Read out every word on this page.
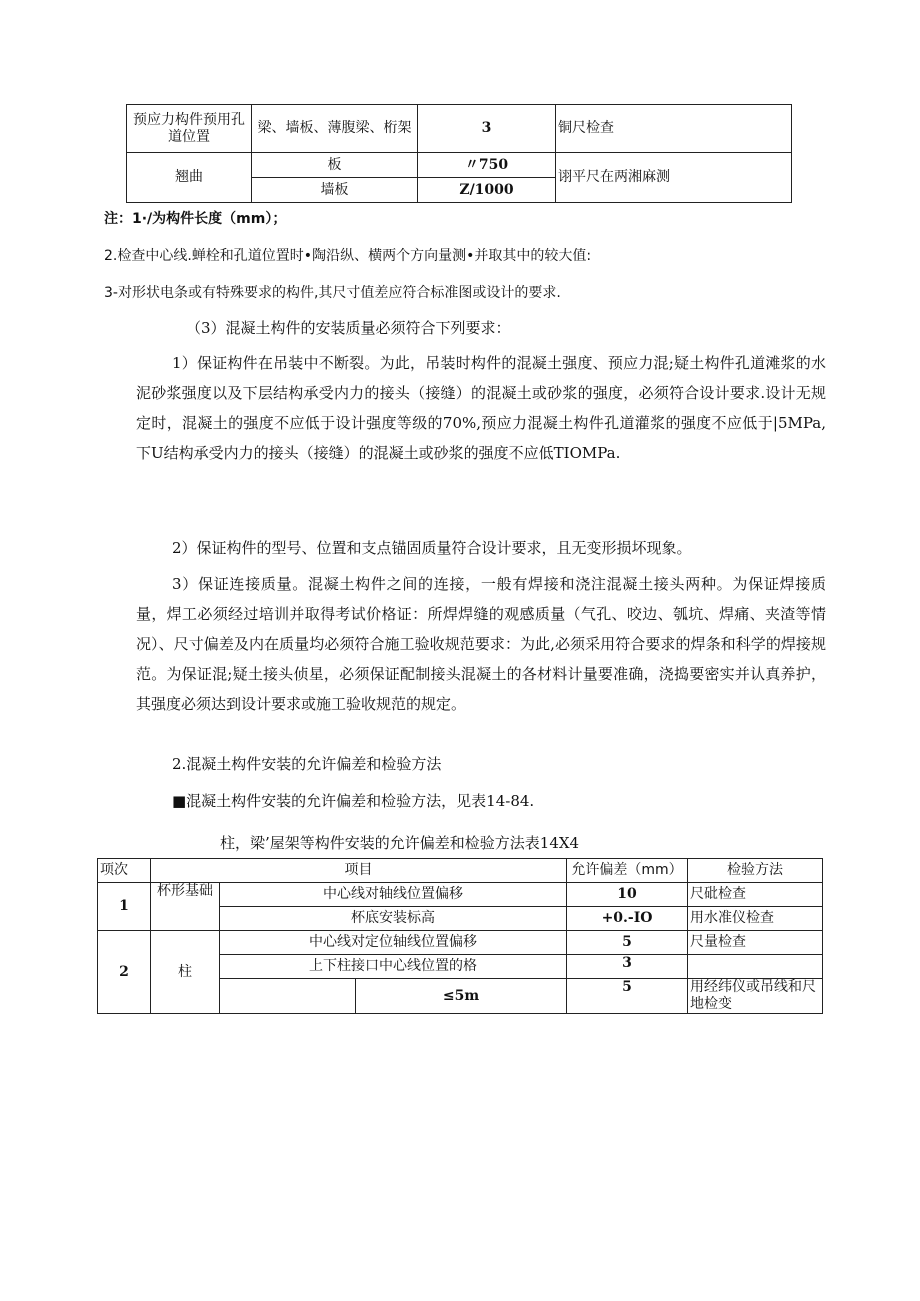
预应力构件预用孔道位置	梁、墙板、薄腹梁、桁架	3	铜尺检查
翘曲	板	〃750	诩平尺在两湘麻测
	墙板	Z/1000	
注：1·/为构件长度（mm）；
2.检查中心线.蝉栓和孔道位置时•陶沿纵、横两个方向量测•并取其中的较大值:
3-对形状电条或有特殊要求的构件,其尺寸值差应符合标准图或设计的要求.
（3）混凝土构件的安装质量必须符合下列要求：
1）保证构件在吊装中不断裂。为此，吊装时构件的混凝土强度、预应力混;疑土构件孔道滩浆的水泥砂浆强度以及下层结构承受内力的接头（接缝）的混凝土或砂浆的强度，必须符合设计要求.设计无规定时，混凝土的强度不应低于设计强度等级的70%,预应力混凝土构件孔道灌浆的强度不应低于|5MPa,下U结构承受内力的接头（接缝）的混凝土或砂浆的强度不应低TIOMPa.
2）保证构件的型号、位置和支点锚固质量符合设计要求，且无变形损坏现象。
3）保证连接质量。混凝土构件之间的连接，一般有焊接和浇注混凝土接头两种。为保证焊接质量，焊工必须经过培训并取得考试价格证：所焊焊缝的观感质量（气孔、咬边、瓠坑、焊痛、夹渣等情况）、尺寸偏差及内在质量均必须符合施工验收规范要求：为此,必须采用符合要求的焊条和科学的焊接规范。为保证混;疑土接头侦星，必须保证配制接头混凝土的各材料计量要准确，浇捣要密实并认真养护，其强度必须达到设计要求或施工验收规范的规定。
2.混凝土构件安装的允许偏差和检验方法
■混凝土构件安装的允许偏差和检验方法，见表14-84.
柱，梁’屋架等构件安装的允许偏差和检验方法表14X4
项次	项目			允许偏差（mm）	检验方法
1	杯形基础	中心线对轴线位置偏移		10	尺砒检查
		杯底安装标高		+0.-IO	用水准仪检查
2	柱	中心线对定位轴线位置偏移		5	尺量检查
		上下柱接口中心线位置的格		3	
			≤5m	5	用经纬仪或吊线和尺地检变
